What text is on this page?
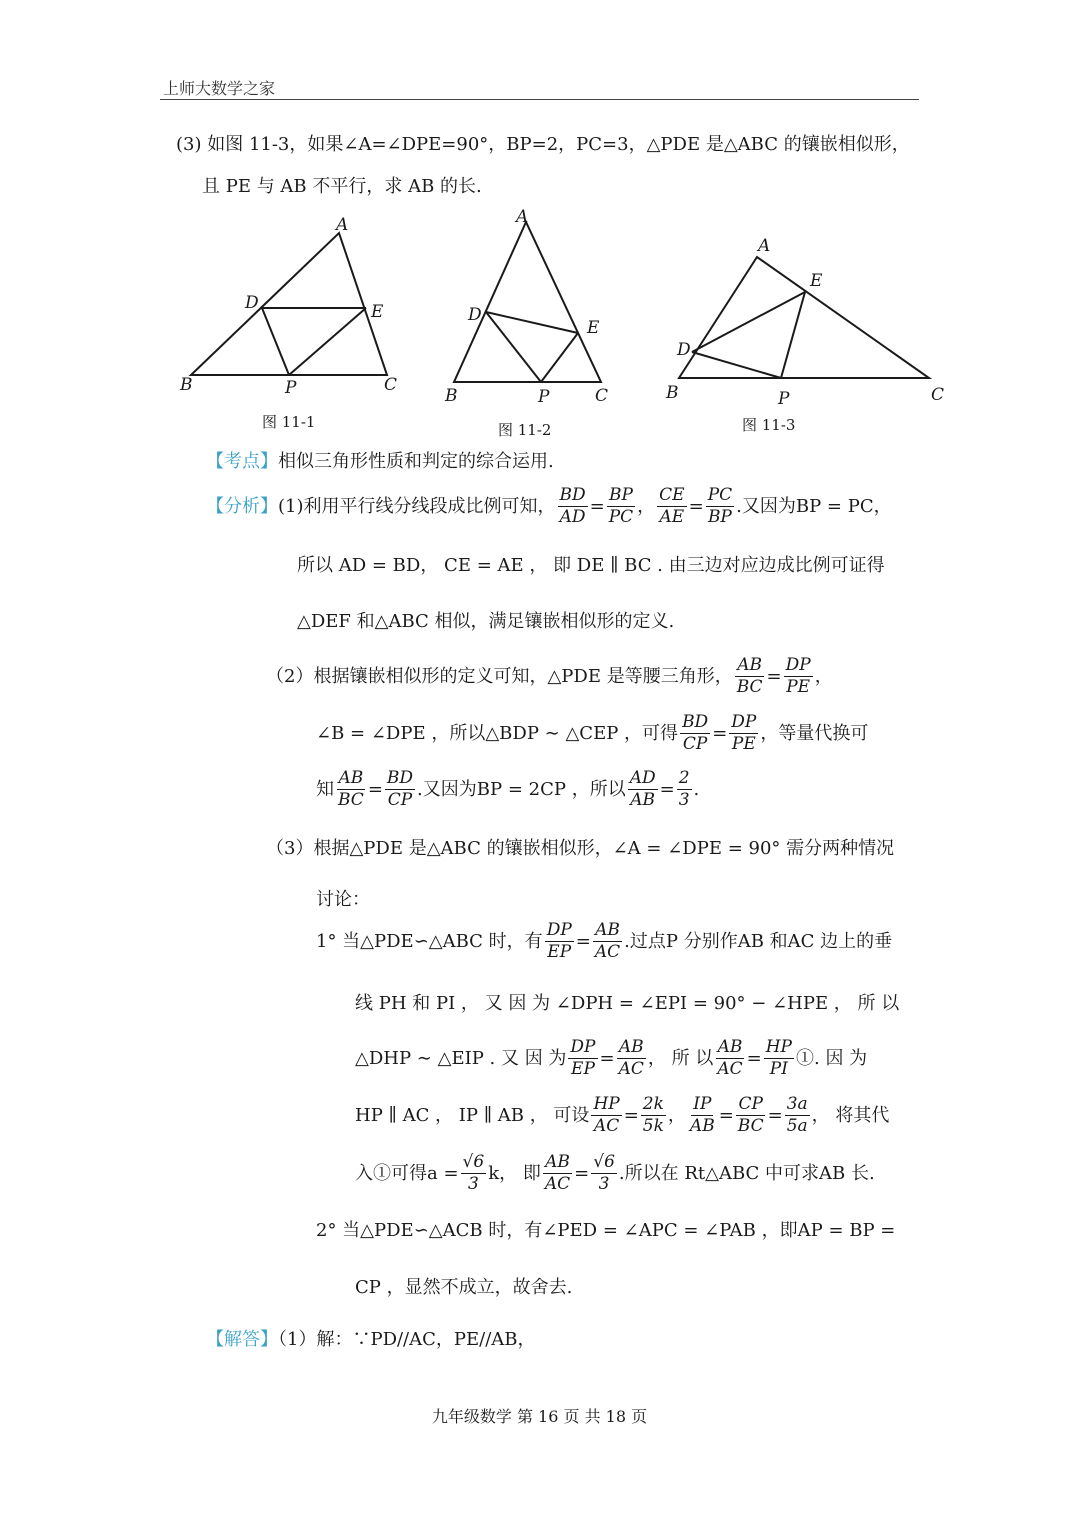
上师大数学之家
(3) 如图 11-3，如果∠A=∠DPE=90°，BP=2，PC=3，△PDE 是△ABC 的镶嵌相似形，
且 PE 与 AB 不平行，求 AB 的长.
A
B	C
D	E
P
A
B	C
D
E
P
A
B	C
D
E
P
图 11-1	图 11-2	图 11-3
【考点】相似三角形性质和判定的综合运用.
【分析】 (1)利用平行线分线段成比例可知， $\frac{BD}{AD} = \frac{BP}{PC}$ ， $\frac{CE}{AE} = \frac{PC}{BP}$ .又因为BP = PC，
所以 AD = BD， CE = AE ， 即 DE ∥ BC . 由三边对应边成比例可证得
△DEF 和△ABC 相似，满足镶嵌相似形的定义.
（2）根据镶嵌相似形的定义可知，△PDE 是等腰三角形， $\frac{AB}{BC} = \frac{DP}{PE}$ ，
∠B = ∠DPE ，所以△BDP ∼ △CEP ，可得 $\frac{BD}{CP} = \frac{DP}{PE}$ ，等量代换可
知 $\frac{AB}{BC} = \frac{BD}{CP}$ .又因为BP = 2CP ，所以 $\frac{AD}{AB} = \frac{2}{3}$ .
（3）根据△PDE 是△ABC 的镶嵌相似形，∠A = ∠DPE = 90° 需分两种情况
讨论：
1° 当△PDE∽△ABC 时，有 $\frac{DP}{EP} = \frac{AB}{AC}$ .过点P 分别作AB 和AC 边上的垂
线 PH 和 PI ， 又 因 为 ∠DPH = ∠EPI = 90° − ∠HPE ， 所 以
△DHP ∼ △EIP . 又 因 为 $\frac{DP}{EP} = \frac{AB}{AC}$ ， 所 以 $\frac{AB}{AC} = \frac{HP}{PI}$ ①. 因 为
HP ∥ AC ， IP ∥ AB ， 可设 $\frac{HP}{AC} = \frac{2k}{5k}$ ， $\frac{IP}{AB} = \frac{CP}{BC} = \frac{3a}{5a}$ ， 将其代
入①可得$a = \frac{√6}{3}$ k， 即 $\frac{AB}{AC} = \frac{√6}{3}$ .所以在 Rt△ABC 中可求AB 长.
2° 当△PDE∽△ACB 时，有∠PED = ∠APC = ∠PAB ，即AP = BP =
CP ，显然不成立，故舍去.
【解答】（1）解：∵PD//AC，PE//AB，
九年级数学 第 16 页 共 18 页
